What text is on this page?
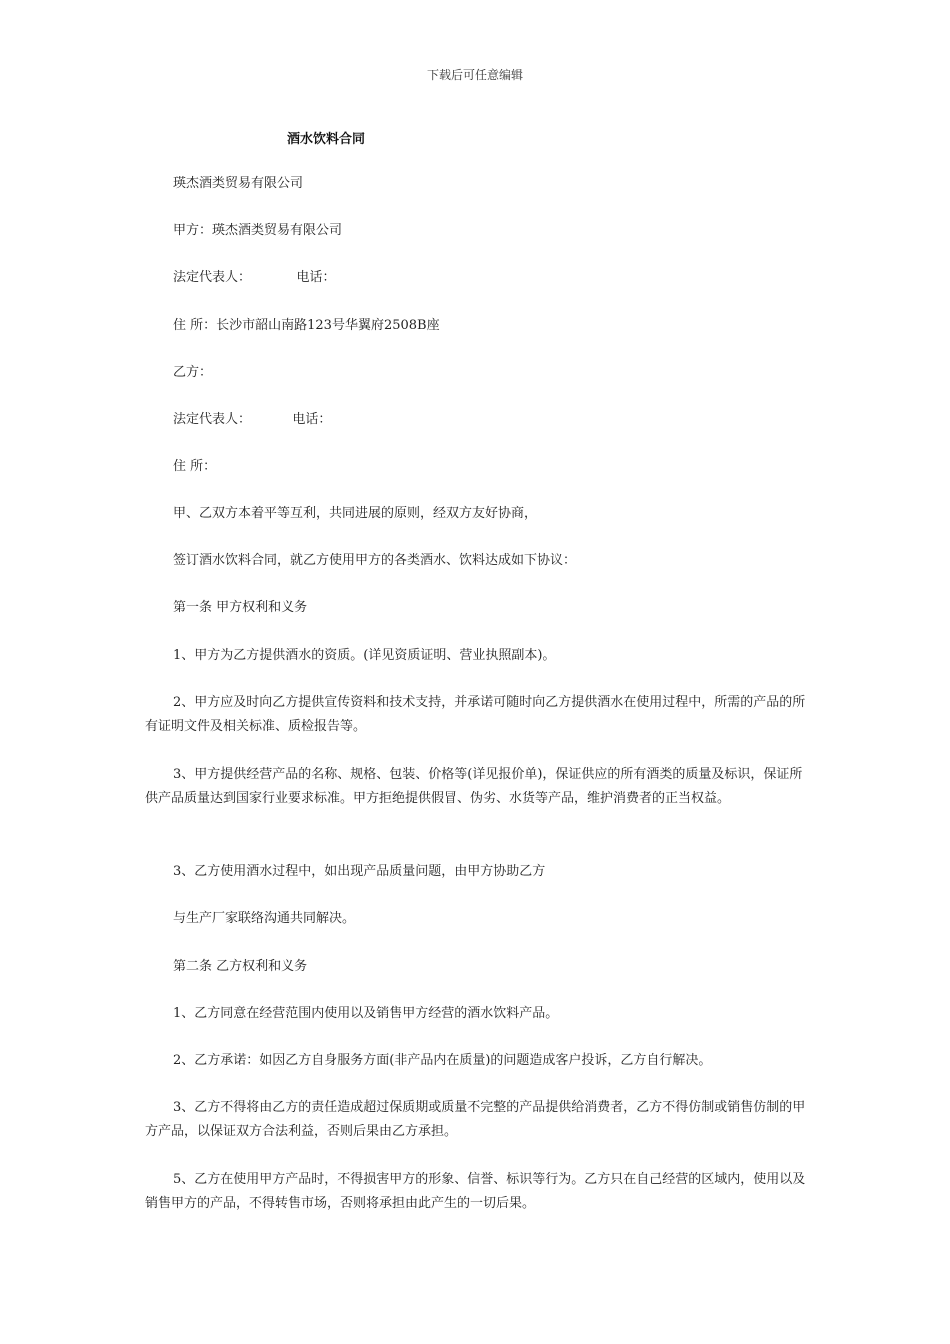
下载后可任意编辑
酒水饮料合同
瑛杰酒类贸易有限公司
甲方：瑛杰酒类贸易有限公司
法定代表人：           电话：
住 所：长沙市韶山南路123号华翼府2508B座
乙方：
法定代表人：          电话：
住 所：
甲、乙双方本着平等互利，共同进展的原则，经双方友好协商，
签订酒水饮料合同，就乙方使用甲方的各类酒水、饮料达成如下协议：
第一条 甲方权利和义务
1、甲方为乙方提供酒水的资质。(详见资质证明、营业执照副本)。
2、甲方应及时向乙方提供宣传资料和技术支持，并承诺可随时向乙方提供酒水在使用过程中，所需的产品的所有证明文件及相关标准、质检报告等。
3、甲方提供经营产品的名称、规格、包装、价格等(详见报价单)，保证供应的所有酒类的质量及标识，保证所供产品质量达到国家行业要求标准。甲方拒绝提供假冒、伪劣、水货等产品，维护消费者的正当权益。
3、乙方使用酒水过程中，如出现产品质量问题，由甲方协助乙方
与生产厂家联络沟通共同解决。
第二条 乙方权利和义务
1、乙方同意在经营范围内使用以及销售甲方经营的酒水饮料产品。
2、乙方承诺：如因乙方自身服务方面(非产品内在质量)的问题造成客户投诉，乙方自行解决。
3、乙方不得将由乙方的责任造成超过保质期或质量不完整的产品提供给消费者，乙方不得仿制或销售仿制的甲方产品，以保证双方合法利益，否则后果由乙方承担。
5、乙方在使用甲方产品时，不得损害甲方的形象、信誉、标识等行为。乙方只在自己经营的区域内，使用以及销售甲方的产品，不得转售市场，否则将承担由此产生的一切后果。
